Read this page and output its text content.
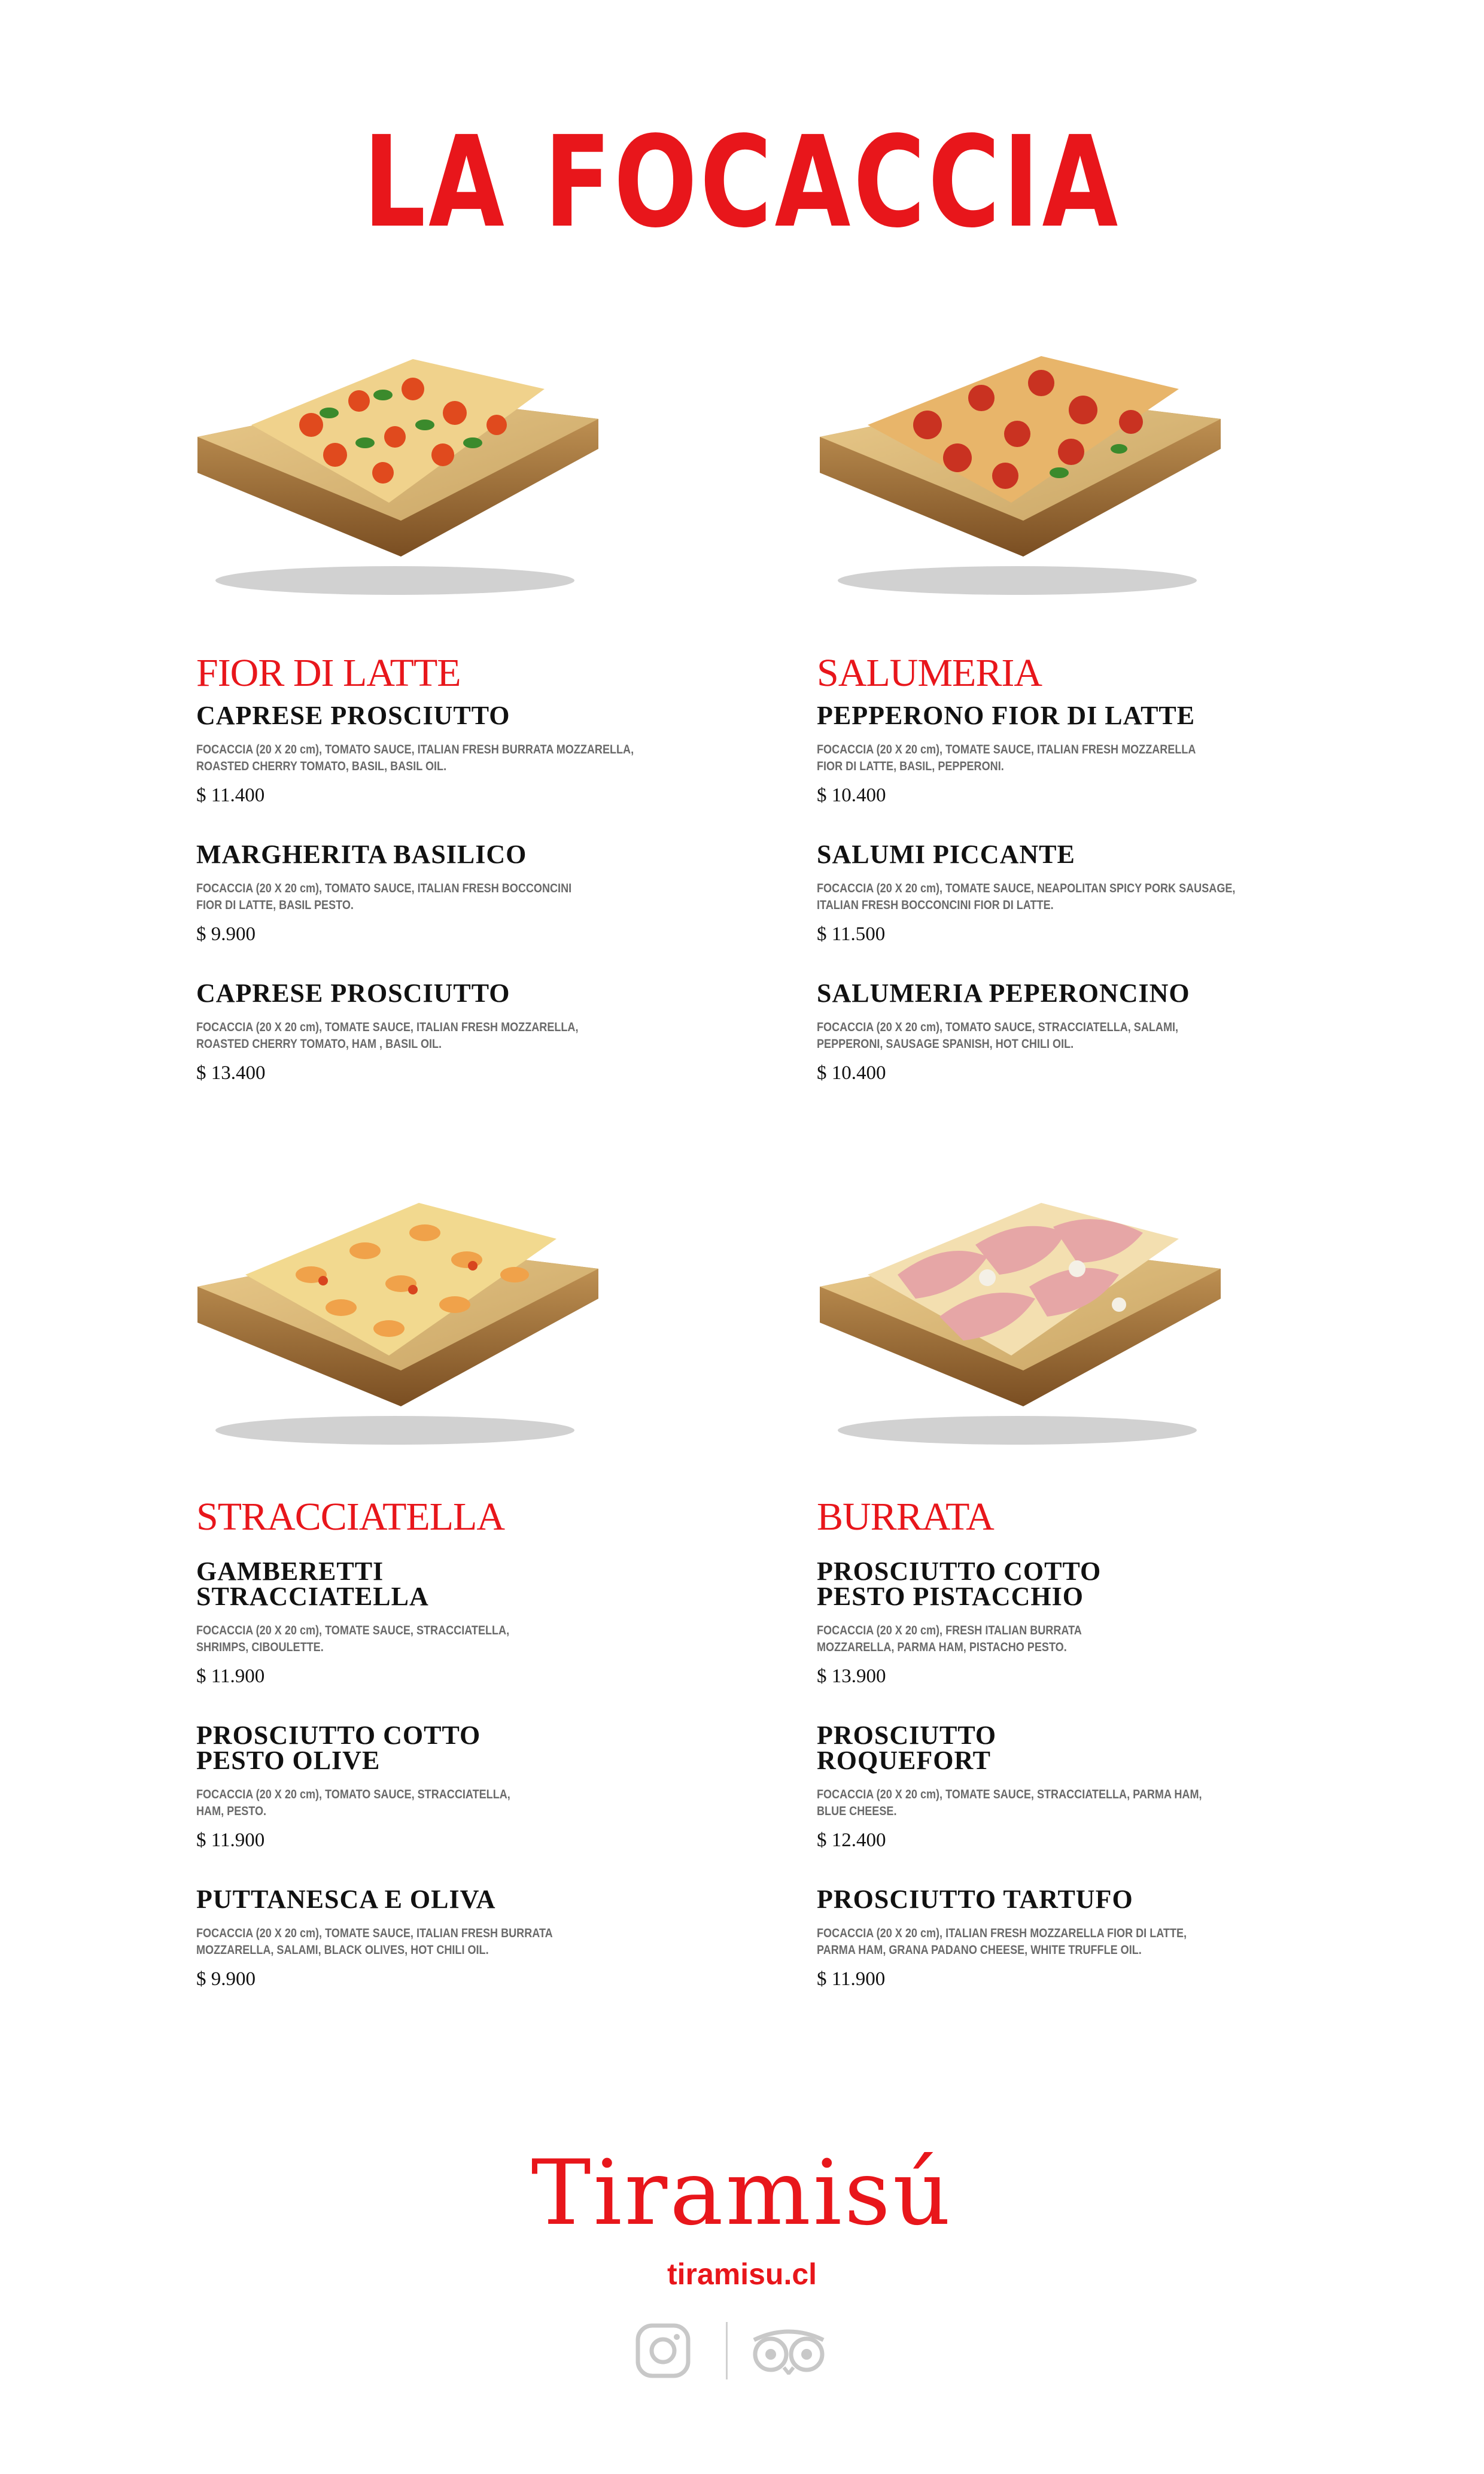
LA FOCACCIA
FIOR DI LATTE
CAPRESE PROSCIUTTO
FOCACCIA (20 X 20 cm), TOMATO SAUCE, ITALIAN FRESH BURRATA MOZZARELLA,
ROASTED CHERRY TOMATO, BASIL, BASIL OIL.
$ 11.400
MARGHERITA BASILICO
FOCACCIA (20 X 20 cm), TOMATO SAUCE, ITALIAN FRESH BOCCONCINI
FIOR DI LATTE, BASIL PESTO.
$ 9.900
CAPRESE PROSCIUTTO
FOCACCIA (20 X 20 cm), TOMATE SAUCE, ITALIAN FRESH MOZZARELLA,
ROASTED CHERRY TOMATO, HAM , BASIL OIL.
$ 13.400
SALUMERIA
PEPPERONO FIOR DI LATTE
FOCACCIA (20 X 20 cm), TOMATE SAUCE, ITALIAN FRESH MOZZARELLA
FIOR DI LATTE, BASIL, PEPPERONI.
$ 10.400
SALUMI PICCANTE
FOCACCIA (20 X 20 cm), TOMATE SAUCE, NEAPOLITAN SPICY PORK SAUSAGE,
ITALIAN FRESH BOCCONCINI FIOR DI LATTE.
$ 11.500
SALUMERIA PEPERONCINO
FOCACCIA (20 X 20 cm), TOMATO SAUCE, STRACCIATELLA, SALAMI,
PEPPERONI, SAUSAGE SPANISH, HOT CHILI OIL.
$ 10.400
STRACCIATELLA
GAMBERETTI
STRACCIATELLA
FOCACCIA (20 X 20 cm), TOMATE SAUCE, STRACCIATELLA,
SHRIMPS, CIBOULETTE.
$ 11.900
PROSCIUTTO COTTO
PESTO OLIVE
FOCACCIA (20 X 20 cm), TOMATO SAUCE, STRACCIATELLA,
HAM, PESTO.
$ 11.900
PUTTANESCA E OLIVA
FOCACCIA (20 X 20 cm), TOMATE SAUCE, ITALIAN FRESH BURRATA
MOZZARELLA, SALAMI, BLACK OLIVES, HOT CHILI OIL.
$ 9.900
BURRATA
PROSCIUTTO COTTO
PESTO PISTACCHIO
FOCACCIA (20 X 20 cm), FRESH ITALIAN BURRATA
MOZZARELLA, PARMA HAM, PISTACHO PESTO.
$ 13.900
PROSCIUTTO
ROQUEFORT
FOCACCIA (20 X 20 cm), TOMATE SAUCE, STRACCIATELLA, PARMA HAM,
BLUE CHEESE.
$ 12.400
PROSCIUTTO TARTUFO
FOCACCIA (20 X 20 cm), ITALIAN FRESH MOZZARELLA FIOR DI LATTE,
PARMA HAM, GRANA PADANO CHEESE, WHITE TRUFFLE OIL.
$ 11.900
Tiramisú
tiramisu.cl
